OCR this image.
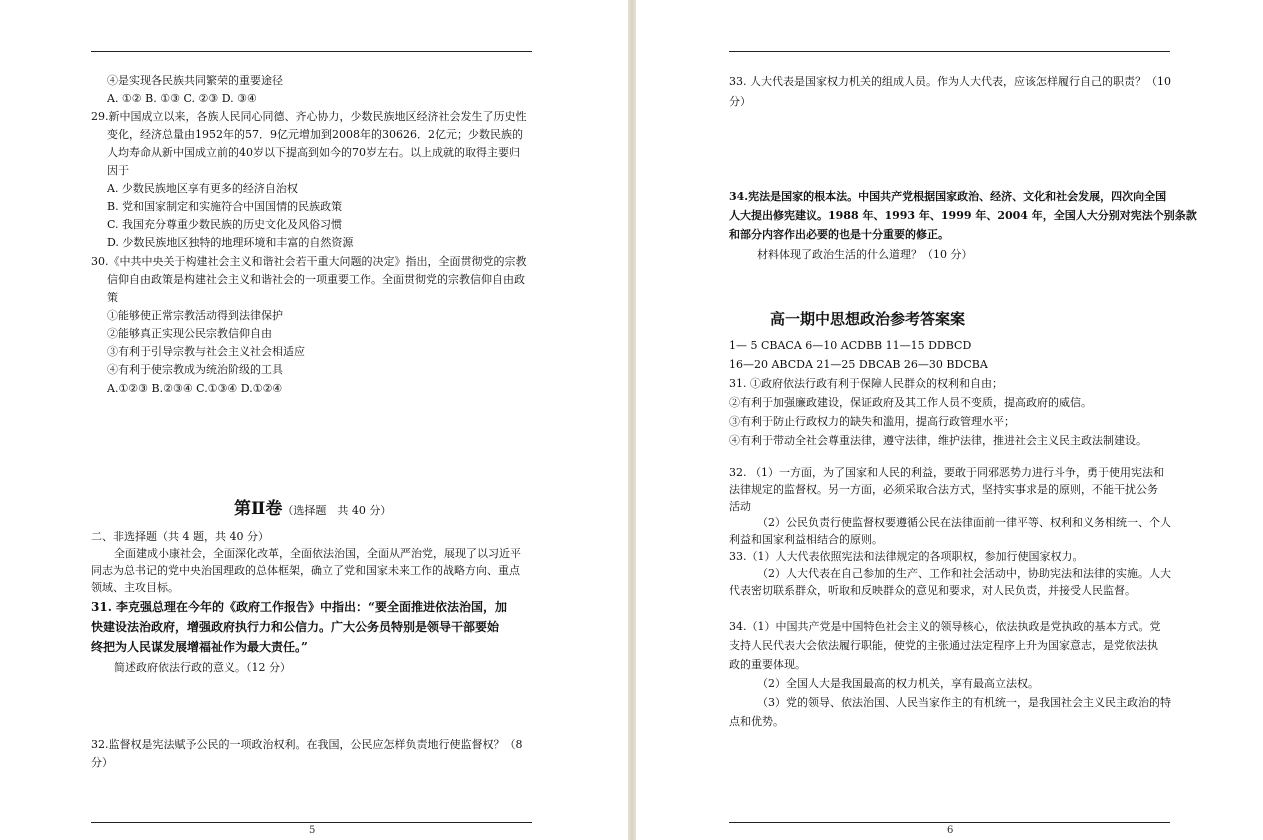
④是实现各民族共同繁荣的重要途径
A. ①② B. ①③ C. ②③ D. ③④
29.新中国成立以来，各族人民同心同德、齐心协力，少数民族地区经济社会发生了历史性
变化，经济总量由1952年的57．9亿元增加到2008年的30626．2亿元；少数民族的
人均寿命从新中国成立前的40岁以下提高到如今的70岁左右。以上成就的取得主要归
因于
A. 少数民族地区享有更多的经济自治权
B. 党和国家制定和实施符合中国国情的民族政策
C. 我国充分尊重少数民族的历史文化及风俗习惯
D. 少数民族地区独特的地理环境和丰富的自然资源
30.《中共中央关于构建社会主义和谐社会若干重大问题的决定》指出，全面贯彻党的宗教
信仰自由政策是构建社会主义和谐社会的一项重要工作。全面贯彻党的宗教信仰自由政
策
①能够使正常宗教活动得到法律保护
②能够真正实现公民宗教信仰自由
③有利于引导宗教与社会主义社会相适应
④有利于使宗教成为统治阶级的工具
A.①②③ B.②③④ C.①③④ D.①②④
第Ⅱ卷（选择题　共 40 分）
二、非选择题（共 4 题，共 40 分）
全面建成小康社会，全面深化改革，全面依法治国，全面从严治党，展现了以习近平
同志为总书记的党中央治国理政的总体框架，确立了党和国家未来工作的战略方向、重点
领域、主攻目标。
31. 李克强总理在今年的《政府工作报告》中指出：“要全面推进依法治国，加
快建设法治政府，增强政府执行力和公信力。广大公务员特别是领导干部要始
终把为人民谋发展增福祉作为最大责任。”
简述政府依法行政的意义。（12 分）
32.监督权是宪法赋予公民的一项政治权利。在我国，公民应怎样负责地行使监督权？（8
分）
5
33. 人大代表是国家权力机关的组成人员。作为人大代表，应该怎样履行自己的职责？（10
分）
34.宪法是国家的根本法。中国共产党根据国家政治、经济、文化和社会发展，四次向全国
人大提出修宪建议。1988 年、1993 年、1999 年、2004 年，全国人大分别对宪法个别条款
和部分内容作出必要的也是十分重要的修正。
材料体现了政治生活的什么道理？（10 分）
高一期中思想政治参考答案案
1— 5 CBACA 6—10 ACDBB 11—15 DDBCD
16—20 ABCDA 21—25 DBCAB 26—30 BDCBA
31. ①政府依法行政有利于保障人民群众的权利和自由；
②有利于加强廉政建设，保证政府及其工作人员不变质，提高政府的威信。
③有利于防止行政权力的缺失和滥用，提高行政管理水平；
④有利于带动全社会尊重法律，遵守法律，维护法律，推进社会主义民主政法制建设。
32. （1）一方面，为了国家和人民的利益，要敢于同邪恶势力进行斗争，勇于使用宪法和
法律规定的监督权。另一方面，必须采取合法方式，坚持实事求是的原则，不能干扰公务
活动
（2）公民负责行使监督权要遵循公民在法律面前一律平等、权利和义务相统一、个人
利益和国家利益相结合的原则。
33.（1）人大代表依照宪法和法律规定的各项职权，参加行使国家权力。
（2）人大代表在自己参加的生产、工作和社会活动中，协助宪法和法律的实施。人大
代表密切联系群众，听取和反映群众的意见和要求，对人民负责，并接受人民监督。
34.（1）中国共产党是中国特色社会主义的领导核心，依法执政是党执政的基本方式。党
支持人民代表大会依法履行职能，使党的主张通过法定程序上升为国家意志，是党依法执
政的重要体现。
（2）全国人大是我国最高的权力机关，享有最高立法权。
（3）党的领导、依法治国、人民当家作主的有机统一，是我国社会主义民主政治的特
点和优势。
6
